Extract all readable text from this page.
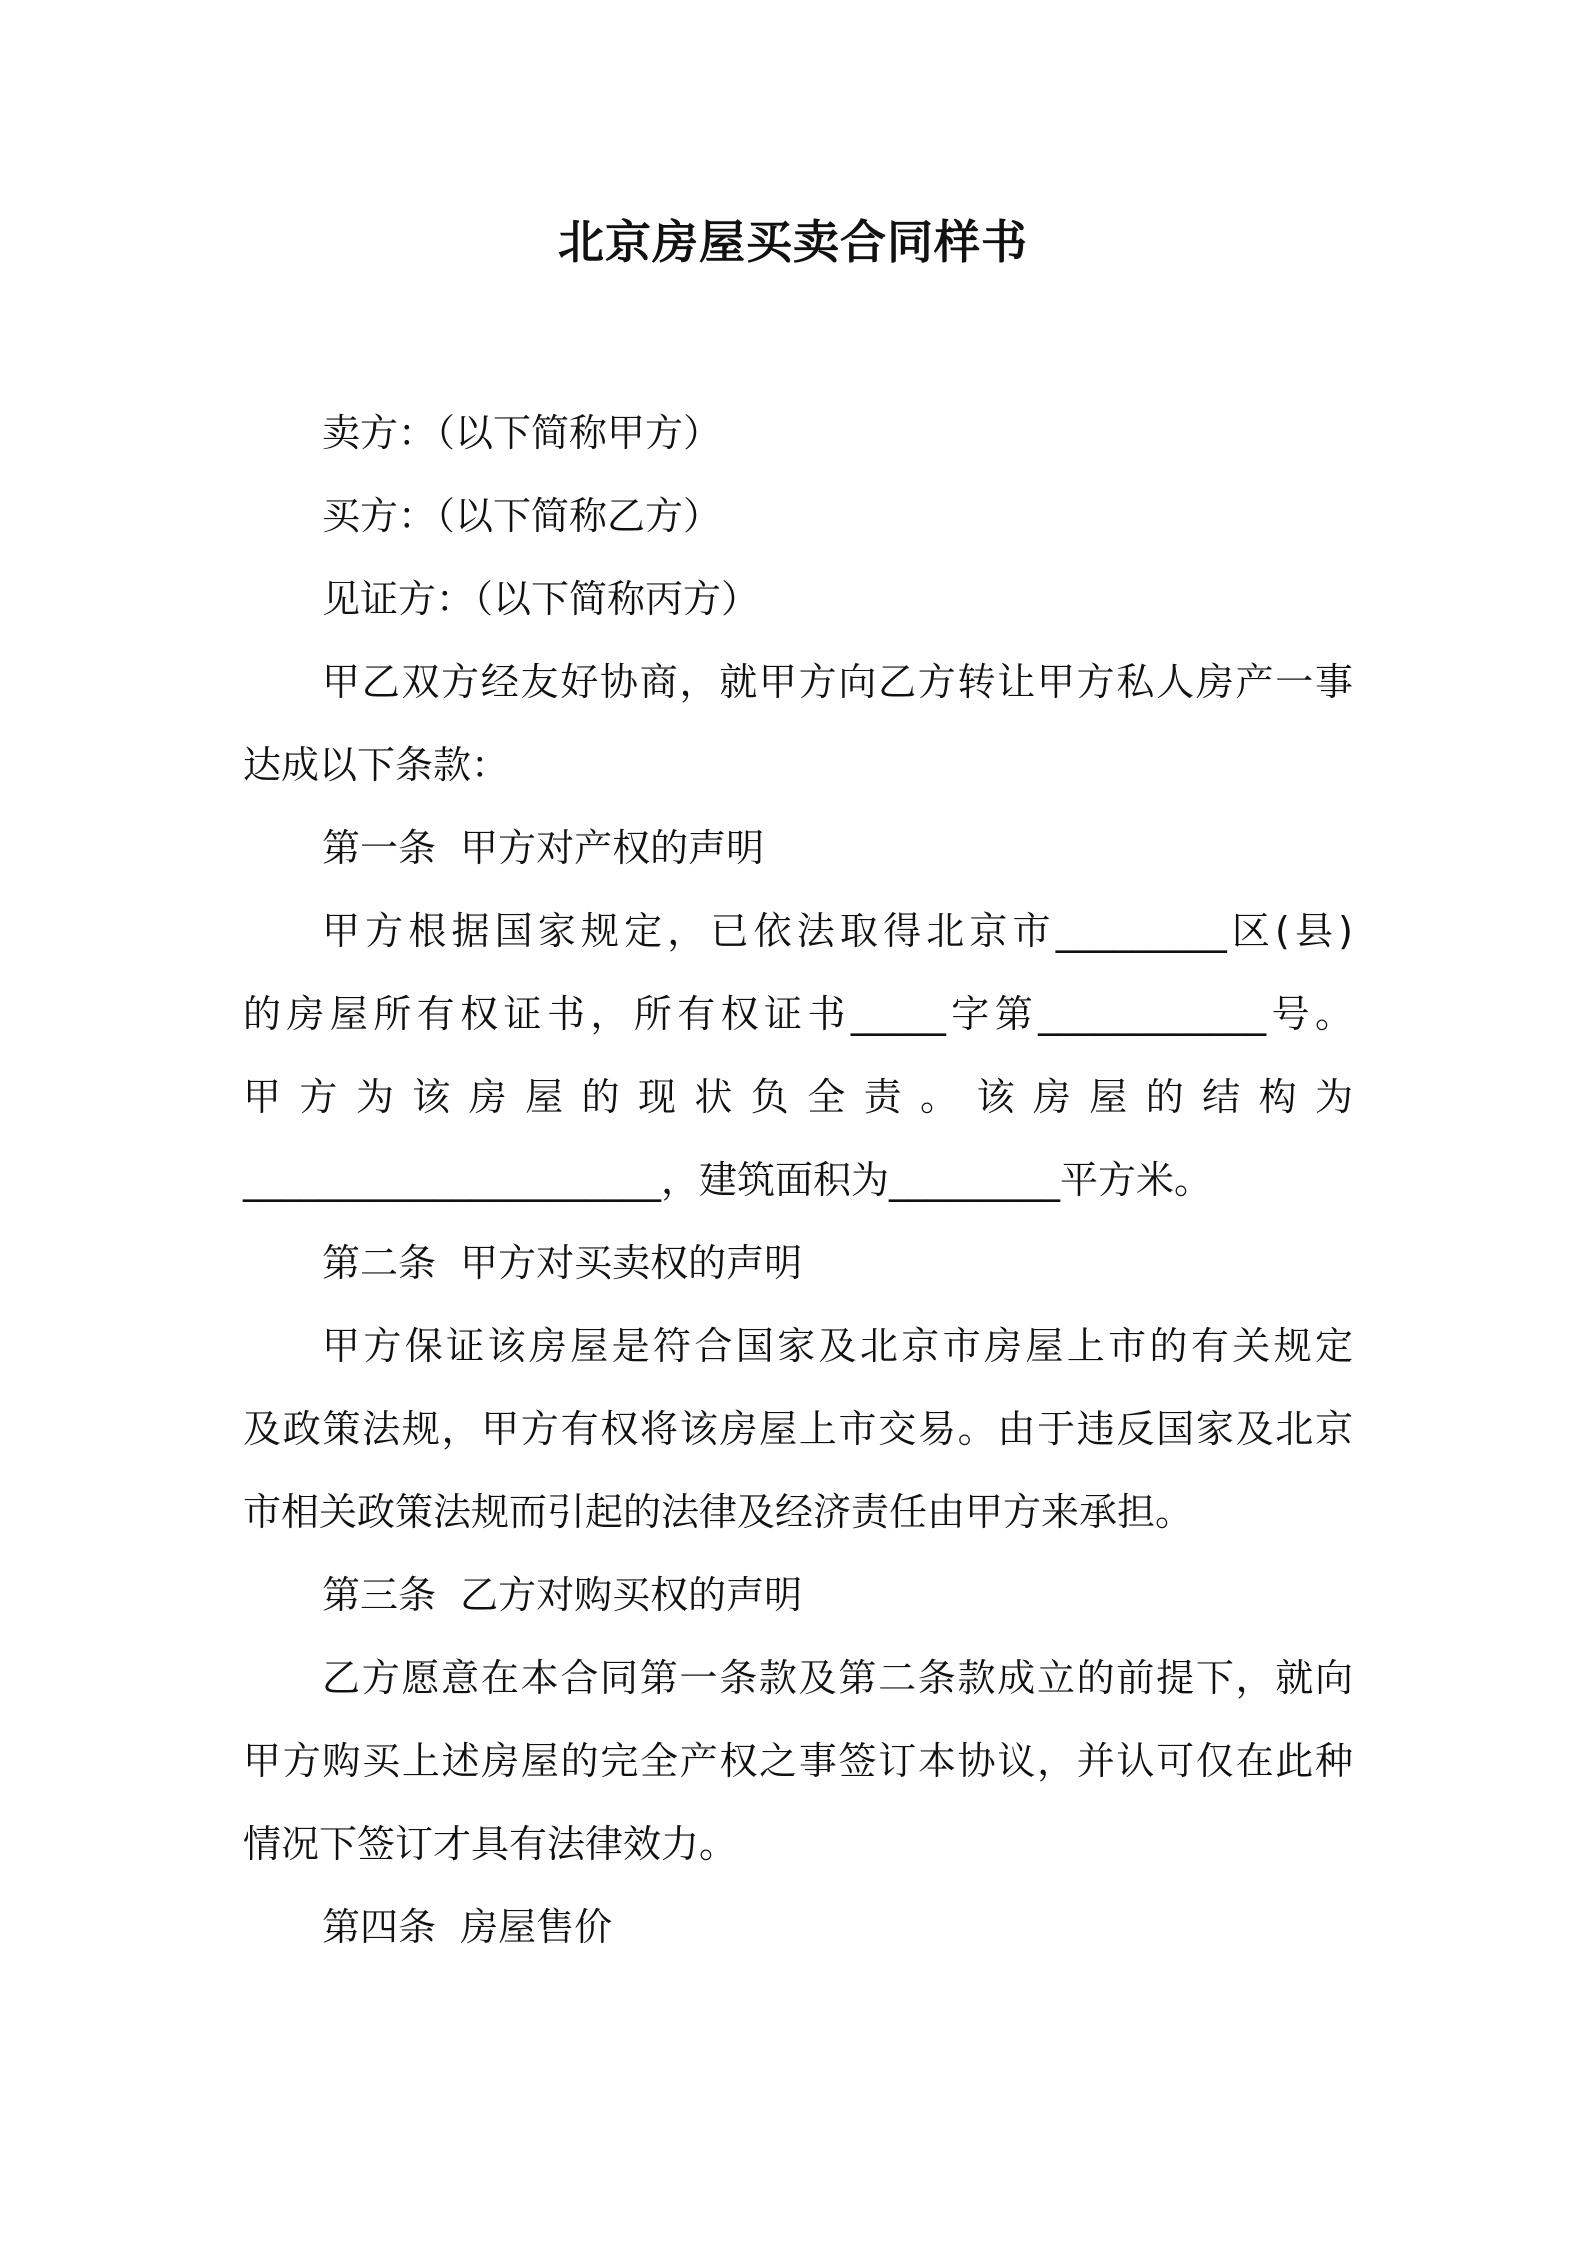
北京房屋买卖合同样书
卖方：（以下简称甲方）
买方：（以下简称乙方）
见证方：（以下简称丙方）
甲乙双方经友好协商，就甲方向乙方转让甲方私人房产一事
达成以下条款：
第一条  甲方对产权的声明
甲方根据国家规定，已依法取得北京市_________区(县)
的房屋所有权证书，所有权证书_____字第____________号。
甲 方 为 该 房 屋 的 现 状 负 全 责 。 该 房 屋 的 结 构 为
______________________，建筑面积为_________平方米。
第二条  甲方对买卖权的声明
甲方保证该房屋是符合国家及北京市房屋上市的有关规定
及政策法规，甲方有权将该房屋上市交易。由于违反国家及北京
市相关政策法规而引起的法律及经济责任由甲方来承担。
第三条  乙方对购买权的声明
乙方愿意在本合同第一条款及第二条款成立的前提下，就向
甲方购买上述房屋的完全产权之事签订本协议，并认可仅在此种
情况下签订才具有法律效力。
第四条  房屋售价
